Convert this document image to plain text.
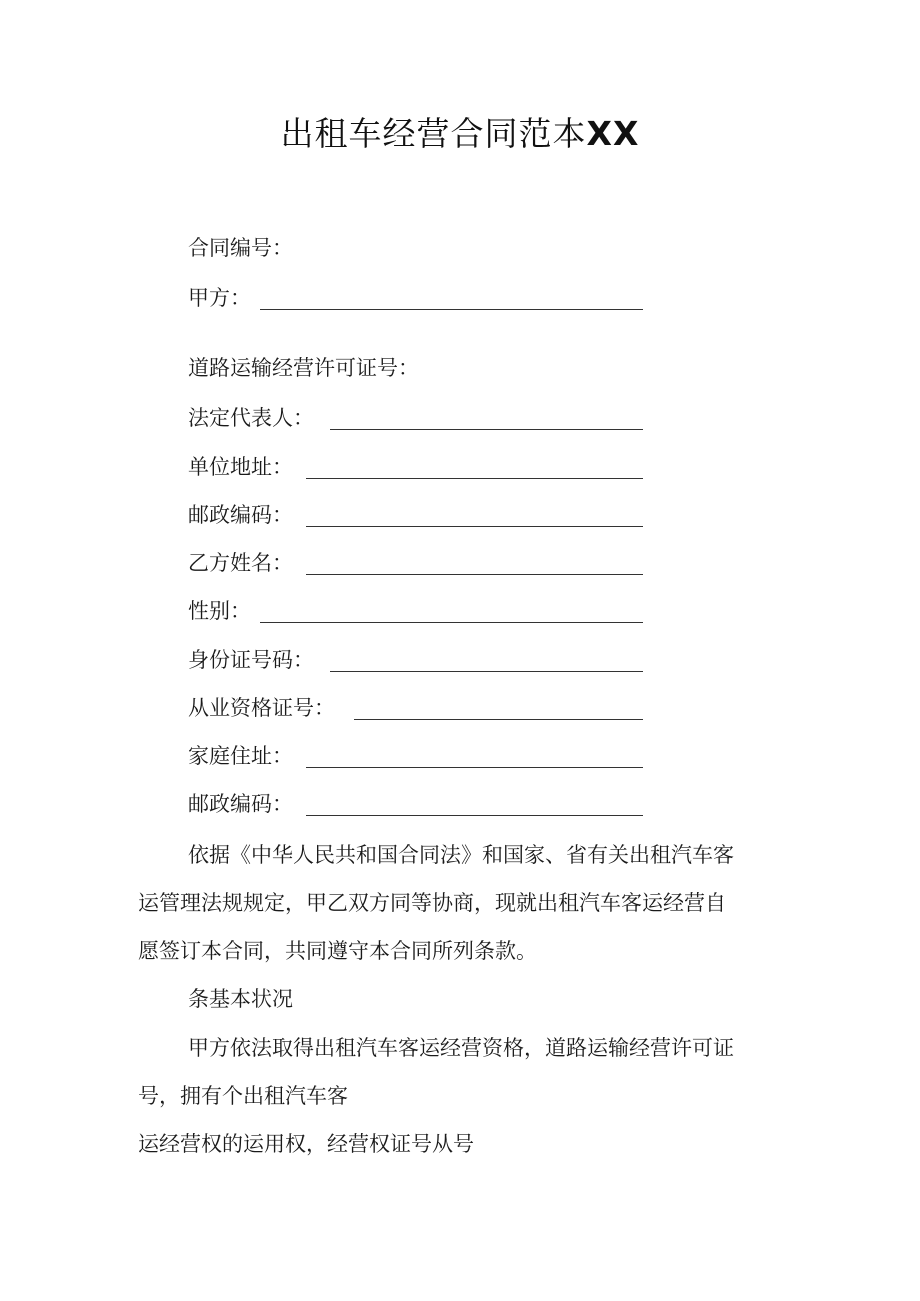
出租车经营合同范本XX
合同编号：
甲方：
道路运输经营许可证号：
法定代表人：
单位地址：
邮政编码：
乙方姓名：
性别：
身份证号码：
从业资格证号：
家庭住址：
邮政编码：
依据《中华人民共和国合同法》和国家、省有关出租汽车客
运管理法规规定，甲乙双方同等协商，现就出租汽车客运经营自
愿签订本合同，共同遵守本合同所列条款。
条基本状况
甲方依法取得出租汽车客运经营资格，道路运输经营许可证
号，拥有个出租汽车客
运经营权的运用权，经营权证号从号
